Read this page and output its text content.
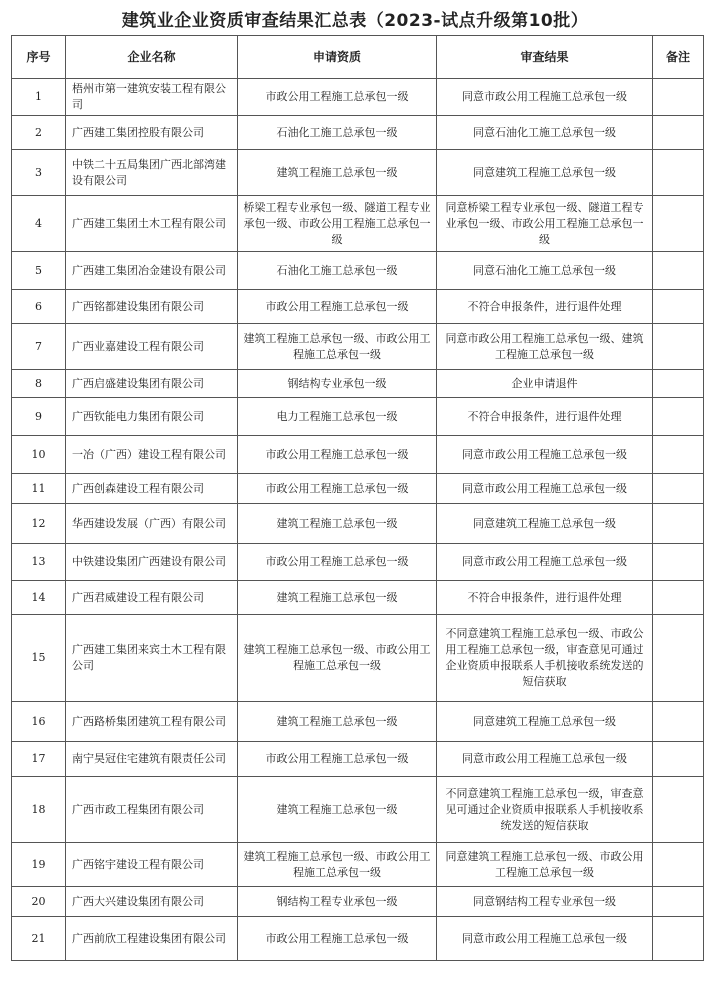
建筑业企业资质审查结果汇总表（2023-试点升级第10批）
序号	企业名称	申请资质	审查结果	备注
1	梧州市第一建筑安装工程有限公司	市政公用工程施工总承包一级	同意市政公用工程施工总承包一级	
2	广西建工集团控股有限公司	石油化工施工总承包一级	同意石油化工施工总承包一级	
3	中铁二十五局集团广西北部湾建设有限公司	建筑工程施工总承包一级	同意建筑工程施工总承包一级	
4	广西建工集团土木工程有限公司	桥梁工程专业承包一级、隧道工程专业承包一级、市政公用工程施工总承包一级	同意桥梁工程专业承包一级、隧道工程专业承包一级、市政公用工程施工总承包一级	
5	广西建工集团冶金建设有限公司	石油化工施工总承包一级	同意石油化工施工总承包一级	
6	广西铭都建设集团有限公司	市政公用工程施工总承包一级	不符合申报条件，进行退件处理	
7	广西业嘉建设工程有限公司	建筑工程施工总承包一级、市政公用工程施工总承包一级	同意市政公用工程施工总承包一级、建筑工程施工总承包一级	
8	广西启盛建设集团有限公司	钢结构专业承包一级	企业申请退件	
9	广西钦能电力集团有限公司	电力工程施工总承包一级	不符合申报条件，进行退件处理	
10	一冶（广西）建设工程有限公司	市政公用工程施工总承包一级	同意市政公用工程施工总承包一级	
11	广西创森建设工程有限公司	市政公用工程施工总承包一级	同意市政公用工程施工总承包一级	
12	华西建设发展（广西）有限公司	建筑工程施工总承包一级	同意建筑工程施工总承包一级	
13	中铁建设集团广西建设有限公司	市政公用工程施工总承包一级	同意市政公用工程施工总承包一级	
14	广西君威建设工程有限公司	建筑工程施工总承包一级	不符合申报条件，进行退件处理	
15	广西建工集团来宾土木工程有限公司	建筑工程施工总承包一级、市政公用工程施工总承包一级	不同意建筑工程施工总承包一级、市政公用工程施工总承包一级，审查意见可通过企业资质申报联系人手机接收系统发送的短信获取	
16	广西路桥集团建筑工程有限公司	建筑工程施工总承包一级	同意建筑工程施工总承包一级	
17	南宁昊冠住宅建筑有限责任公司	市政公用工程施工总承包一级	同意市政公用工程施工总承包一级	
18	广西市政工程集团有限公司	建筑工程施工总承包一级	不同意建筑工程施工总承包一级，审查意见可通过企业资质申报联系人手机接收系统发送的短信获取	
19	广西铭宇建设工程有限公司	建筑工程施工总承包一级、市政公用工程施工总承包一级	同意建筑工程施工总承包一级、市政公用工程施工总承包一级	
20	广西大兴建设集团有限公司	钢结构工程专业承包一级	同意钢结构工程专业承包一级	
21	广西前欣工程建设集团有限公司	市政公用工程施工总承包一级	同意市政公用工程施工总承包一级	
